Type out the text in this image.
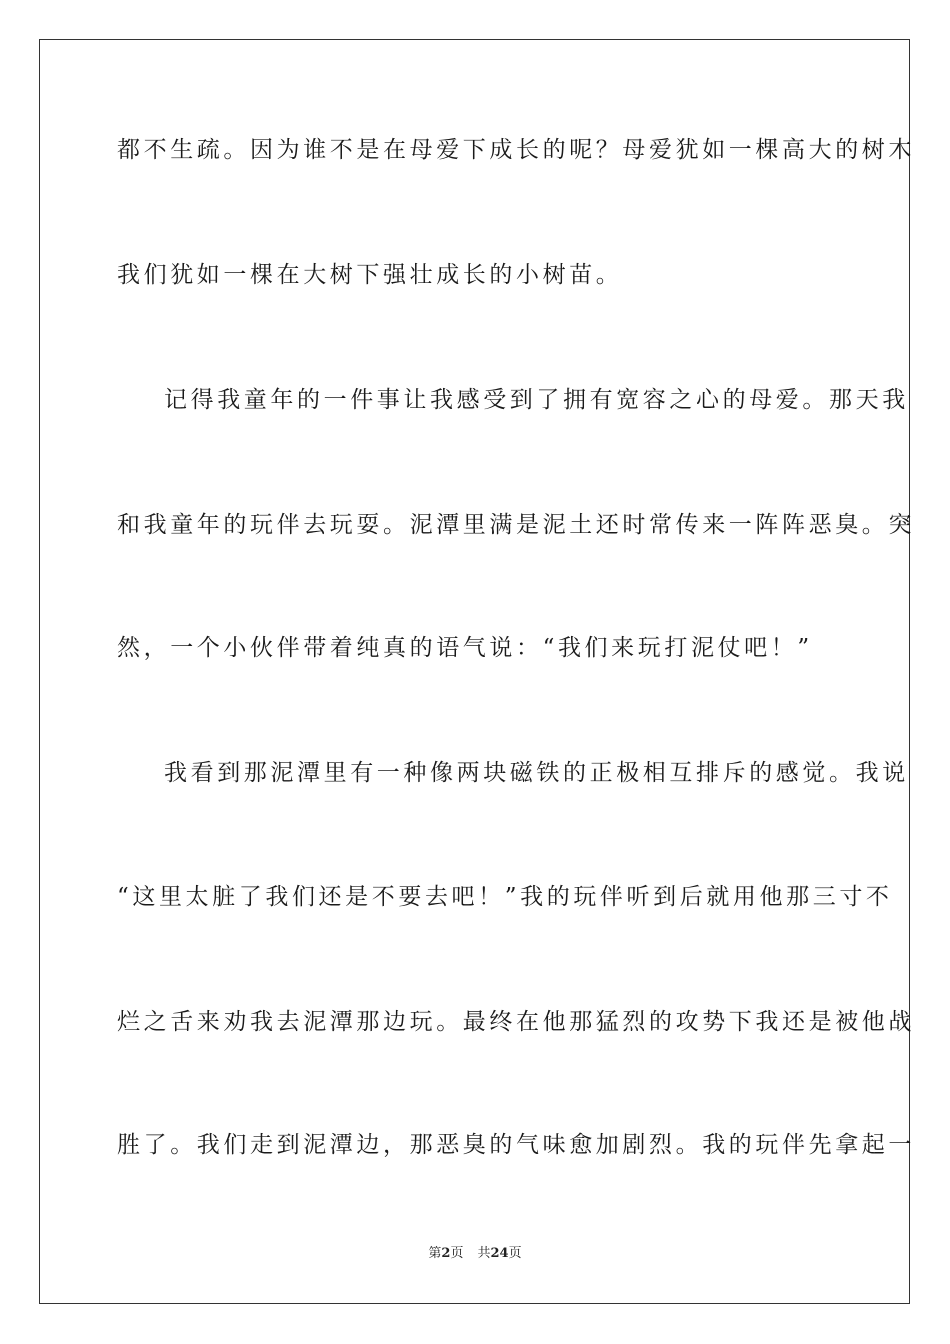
都不生疏。因为谁不是在母爱下成长的呢？母爱犹如一棵高大的树木
我们犹如一棵在大树下强壮成长的小树苗。
记得我童年的一件事让我感受到了拥有宽容之心的母爱。那天我
和我童年的玩伴去玩耍。泥潭里满是泥土还时常传来一阵阵恶臭。突
然，一个小伙伴带着纯真的语气说：“我们来玩打泥仗吧！”
我看到那泥潭里有一种像两块磁铁的正极相互排斥的感觉。我说
“这里太脏了我们还是不要去吧！”我的玩伴听到后就用他那三寸不
烂之舌来劝我去泥潭那边玩。最终在他那猛烈的攻势下我还是被他战
胜了。我们走到泥潭边，那恶臭的气味愈加剧烈。我的玩伴先拿起一
第2页 共24页
